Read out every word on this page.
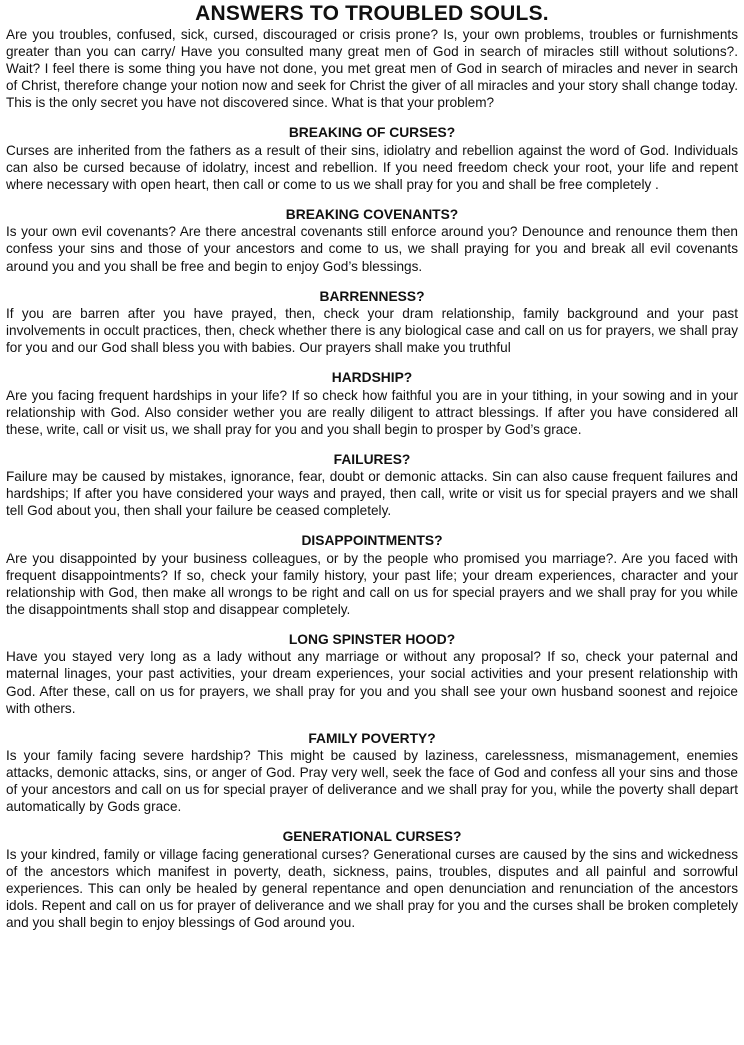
ANSWERS TO TROUBLED SOULS.

Are you troubles, confused, sick, cursed, discouraged or crisis prone? Is, your own problems, troubles or furnishments greater than you can carry/ Have you consulted many great men of God in search of miracles still without solutions?. Wait? I feel there is some thing you have not done, you met great men of God in search of miracles and never in search of Christ, therefore change your notion now and seek for Christ the giver of all miracles and your story shall change today. This is the only secret you have not discovered since. What is that your problem?

BREAKING OF CURSES?

Curses are inherited from the fathers as a result of their sins, idiolatry and rebellion against the word of God. Individuals can also be cursed because of idolatry, incest and rebellion. If you need freedom check your root, your life and repent where necessary with open heart, then call or come to us we shall pray for you and shall be free completely .

BREAKING COVENANTS?

Is your own evil covenants? Are there ancestral covenants still enforce around you? Denounce and renounce them then confess your sins and those of your ancestors and come to us, we shall praying for you and break all evil covenants around you and you shall be free and begin to enjoy God’s blessings.

BARRENNESS?

If you are barren after you have prayed, then, check your dram relationship, family background and your past involvements in occult practices, then, check whether there is any biological case and call on us for prayers, we shall pray for you and our God shall bless you with babies. Our prayers shall make you truthful

HARDSHIP?

Are you facing frequent hardships in your life? If so check how faithful you are in your tithing, in your sowing and in your relationship with God. Also consider wether you are really diligent to attract blessings. If after you have considered all these, write, call or visit us, we shall pray for you and you shall begin to prosper by God’s grace.

FAILURES?

Failure may be caused by mistakes, ignorance, fear, doubt or demonic attacks. Sin can also cause frequent failures and hardships; If after you have considered your ways and prayed, then call, write or visit us for special prayers and we shall tell God about you, then shall your failure be ceased completely.

DISAPPOINTMENTS?

Are you disappointed by your business colleagues, or by the people who promised you marriage?. Are you faced with frequent disappointments? If so, check your family history, your past life; your dream experiences, character and your relationship with God, then make all wrongs to be right and call on us for special prayers and we shall pray for you while the disappointments shall stop and disappear completely.

LONG SPINSTER HOOD?

Have you stayed very long as a lady without any marriage or without any proposal? If so, check your paternal and maternal linages, your past activities, your dream experiences, your social activities and your present relationship with God. After these, call on us for prayers, we shall pray for you and you shall see your own husband soonest and rejoice with others.

FAMILY POVERTY?

Is your family facing severe hardship? This might be caused by laziness, carelessness, mismanagement, enemies attacks, demonic attacks, sins, or anger of God. Pray very well, seek the face of God and confess all your sins and those of your ancestors and call on us for special prayer of deliverance and we shall pray for you, while the poverty shall depart automatically by Gods grace.

GENERATIONAL CURSES?

Is your kindred, family or village facing generational curses? Generational curses are caused by the sins and wickedness of the ancestors which manifest in poverty, death, sickness, pains, troubles, disputes and all painful and sorrowful experiences. This can only be healed by general repentance and open denunciation and renunciation of the ancestors idols. Repent and call on us for prayer of deliverance and we shall pray for you and the curses shall be broken completely and you shall begin to enjoy blessings of God around you.
